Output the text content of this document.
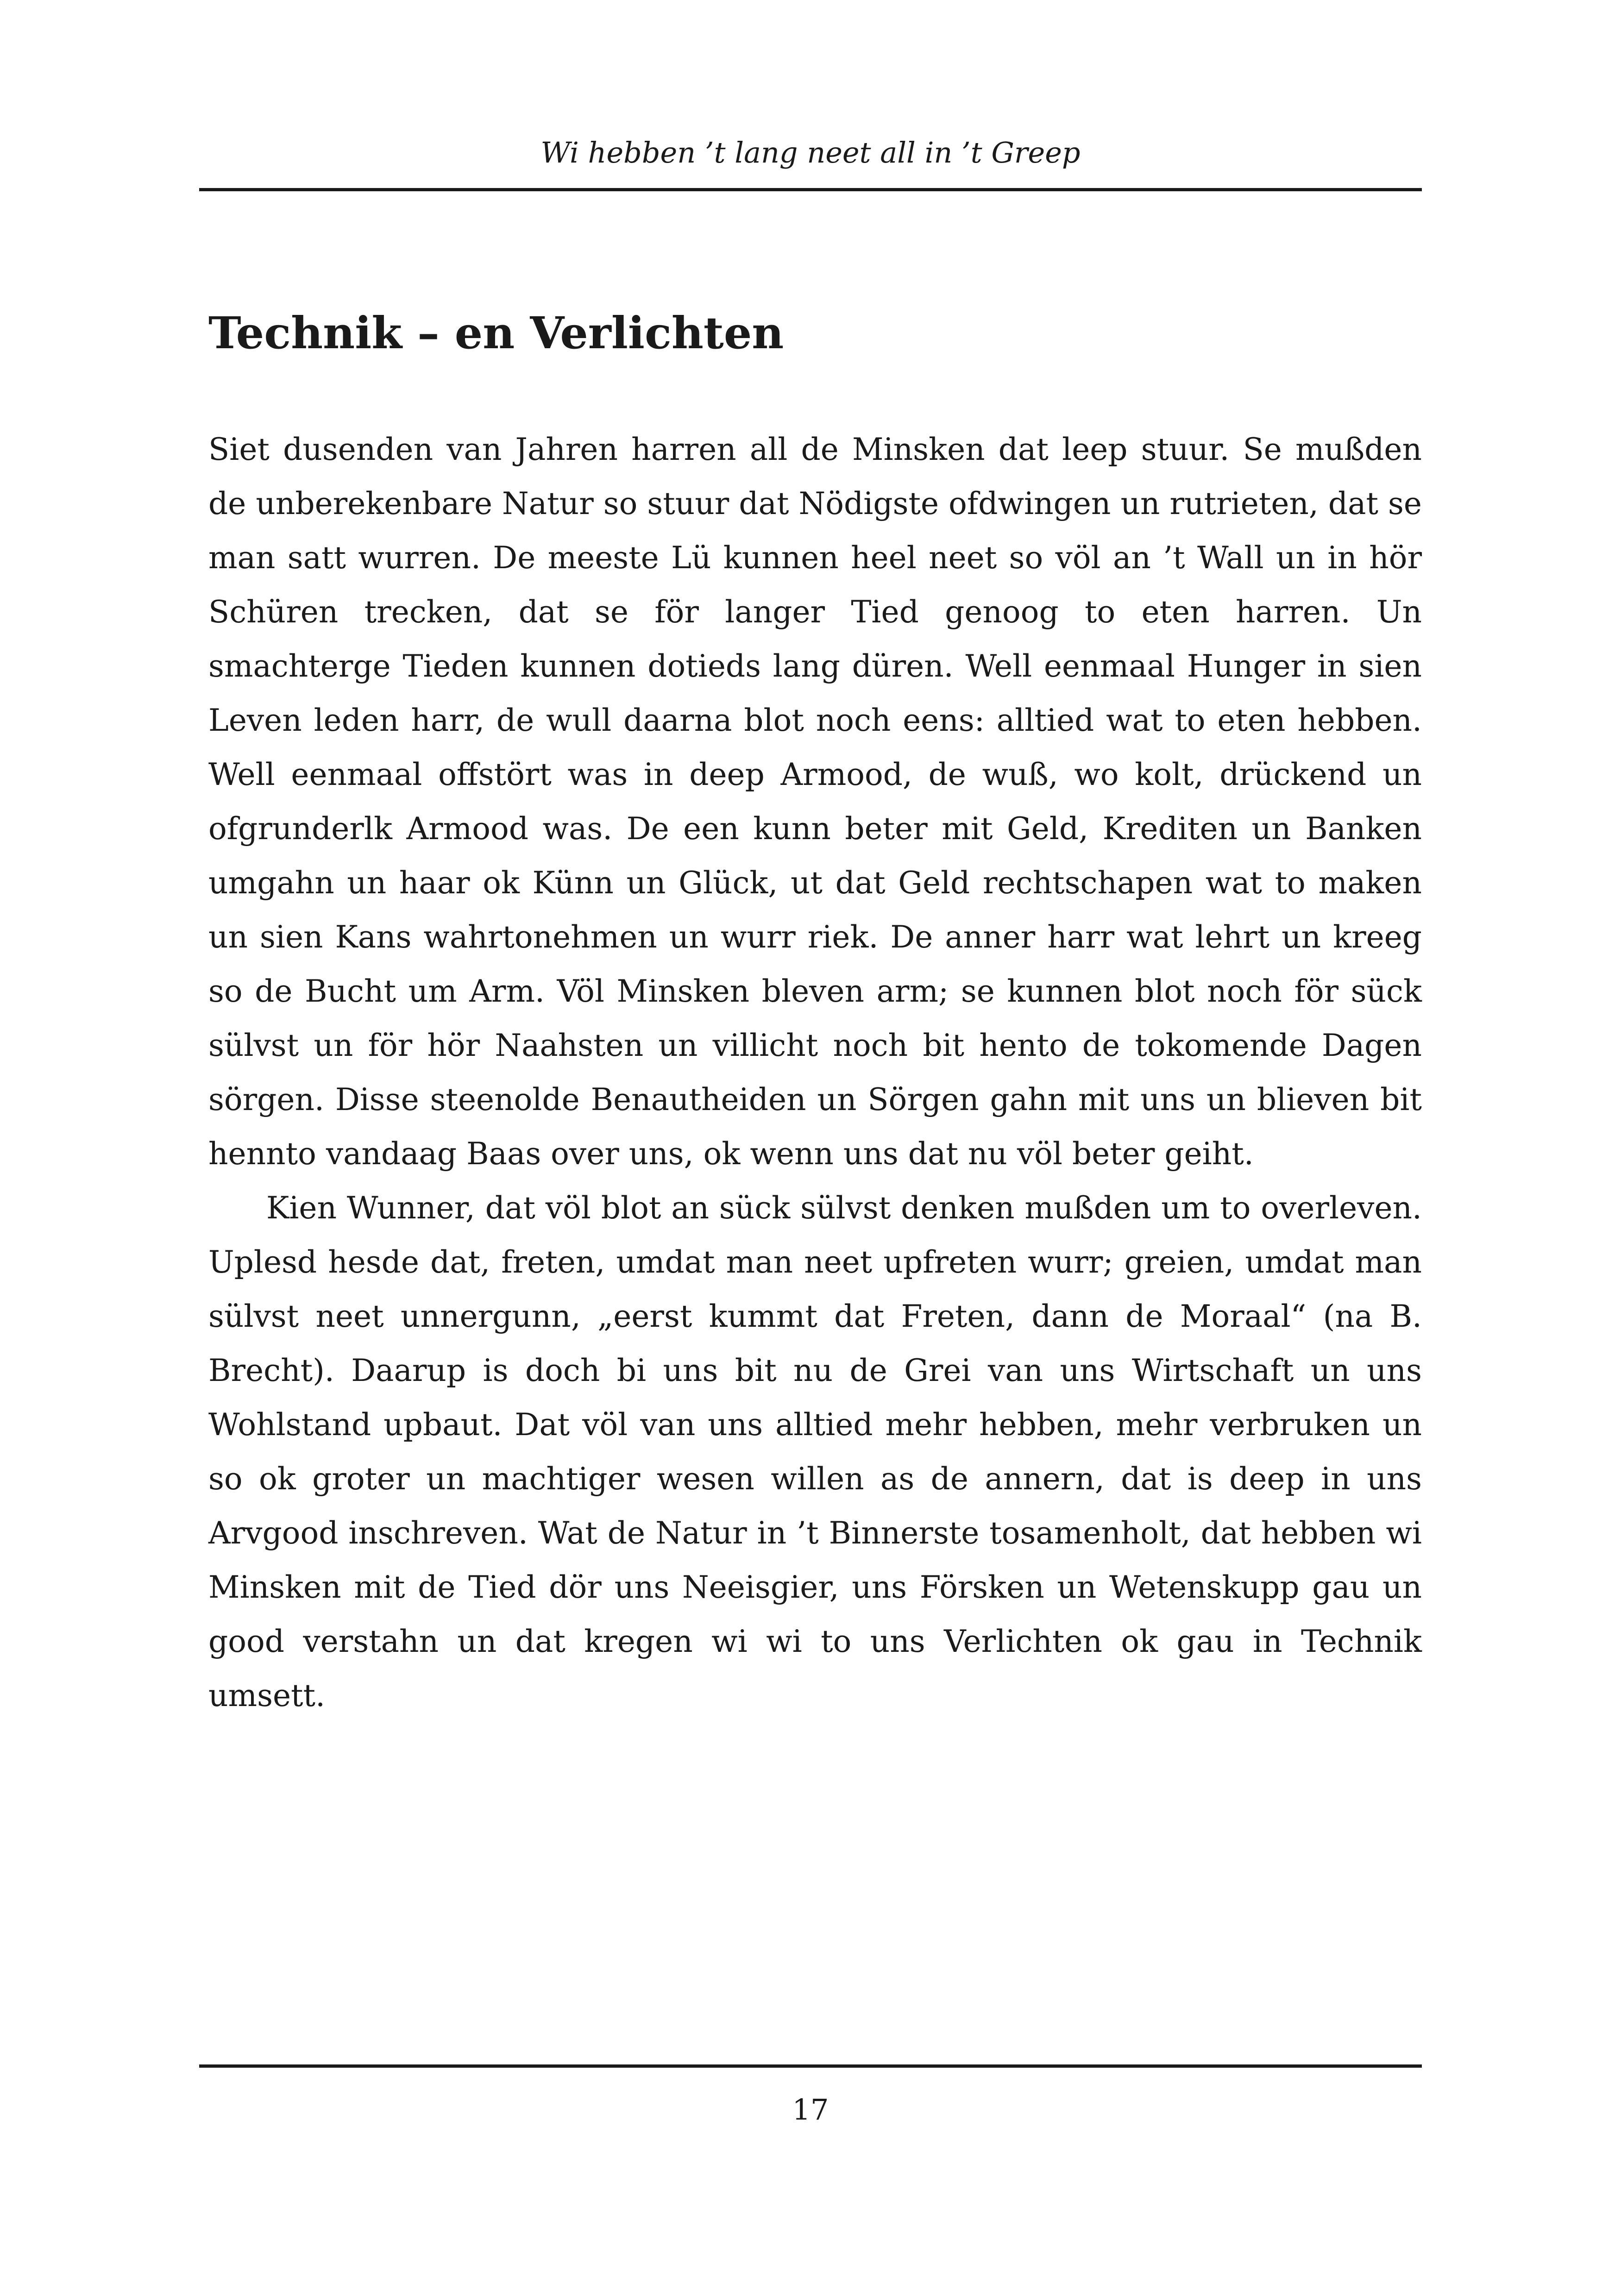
Wi hebben ’t lang neet all in ’t Greep
Technik – en Verlichten

Siet dusenden van Jahren harren all de Minsken dat leep stuur. Se mußden de unberekenbare Natur so stuur dat Nödigste ofdwingen un rutrieten, dat se man satt wurren. De meeste Lü kunnen heel neet so völ an ’t Wall un in hör Schüren trecken, dat se för langer Tied genoog to eten harren. Un smachterge Tieden kunnen dotieds lang düren. Well eenmaal Hunger in sien Leven leden harr, de wull daarna blot noch eens: alltied wat to eten hebben. Well eenmaal offstört was in deep Armood, de wuß, wo kolt, drückend un ofgrunderlk Armood was. De een kunn beter mit Geld, Krediten un Banken umgahn un haar ok Künn un Glück, ut dat Geld rechtschapen wat to maken un sien Kans wahrtonehmen un wurr riek. De anner harr wat lehrt un kreeg so de Bucht um Arm. Völ Minsken bleven arm; se kunnen blot noch för sück sülvst un för hör Naahsten un villicht noch bit hento de tokomende Dagen sörgen. Disse steenolde Benautheiden un Sörgen gahn mit uns un blieven bit hennto vandaag Baas over uns, ok wenn uns dat nu völ beter geiht.

Kien Wunner, dat völ blot an sück sülvst denken mußden um to overleven. Uplesd hesde dat, freten, umdat man neet upfreten wurr; greien, umdat man sülvst neet unnergunn, „eerst kummt dat Freten, dann de Moraal“ (na B. Brecht). Daarup is doch bi uns bit nu de Grei van uns Wirtschaft un uns Wohlstand upbaut. Dat völ van uns alltied mehr hebben, mehr verbruken un so ok groter un machtiger wesen willen as de annern, dat is deep in uns Arvgood inschreven. Wat de Natur in ’t Binnerste tosamenholt, dat hebben wi Minsken mit de Tied dör uns Neeisgier, uns Försken un Wetenskupp gau un good verstahn un dat kregen wi wi to uns Verlichten ok gau in Technik umsett.

17
